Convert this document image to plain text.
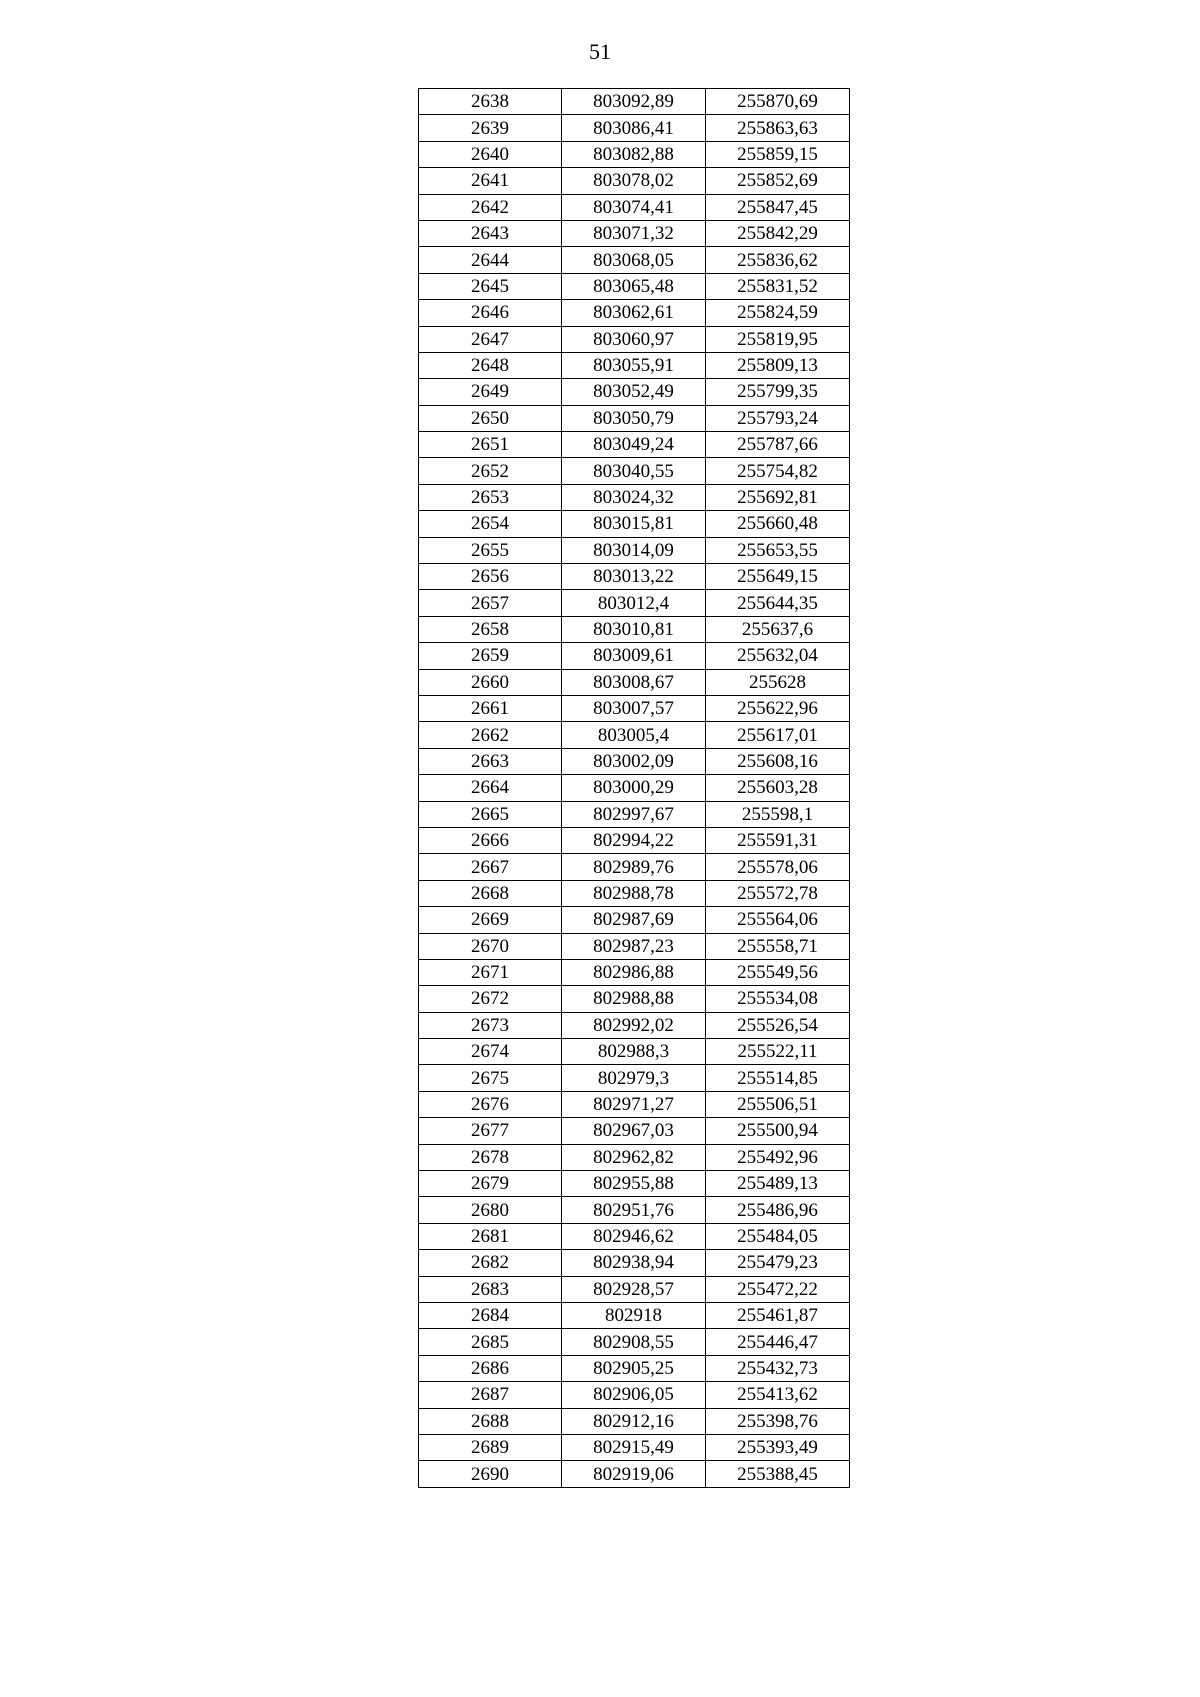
51
2638	803092,89	255870,69
2639	803086,41	255863,63
2640	803082,88	255859,15
2641	803078,02	255852,69
2642	803074,41	255847,45
2643	803071,32	255842,29
2644	803068,05	255836,62
2645	803065,48	255831,52
2646	803062,61	255824,59
2647	803060,97	255819,95
2648	803055,91	255809,13
2649	803052,49	255799,35
2650	803050,79	255793,24
2651	803049,24	255787,66
2652	803040,55	255754,82
2653	803024,32	255692,81
2654	803015,81	255660,48
2655	803014,09	255653,55
2656	803013,22	255649,15
2657	803012,4	255644,35
2658	803010,81	255637,6
2659	803009,61	255632,04
2660	803008,67	255628
2661	803007,57	255622,96
2662	803005,4	255617,01
2663	803002,09	255608,16
2664	803000,29	255603,28
2665	802997,67	255598,1
2666	802994,22	255591,31
2667	802989,76	255578,06
2668	802988,78	255572,78
2669	802987,69	255564,06
2670	802987,23	255558,71
2671	802986,88	255549,56
2672	802988,88	255534,08
2673	802992,02	255526,54
2674	802988,3	255522,11
2675	802979,3	255514,85
2676	802971,27	255506,51
2677	802967,03	255500,94
2678	802962,82	255492,96
2679	802955,88	255489,13
2680	802951,76	255486,96
2681	802946,62	255484,05
2682	802938,94	255479,23
2683	802928,57	255472,22
2684	802918	255461,87
2685	802908,55	255446,47
2686	802905,25	255432,73
2687	802906,05	255413,62
2688	802912,16	255398,76
2689	802915,49	255393,49
2690	802919,06	255388,45
